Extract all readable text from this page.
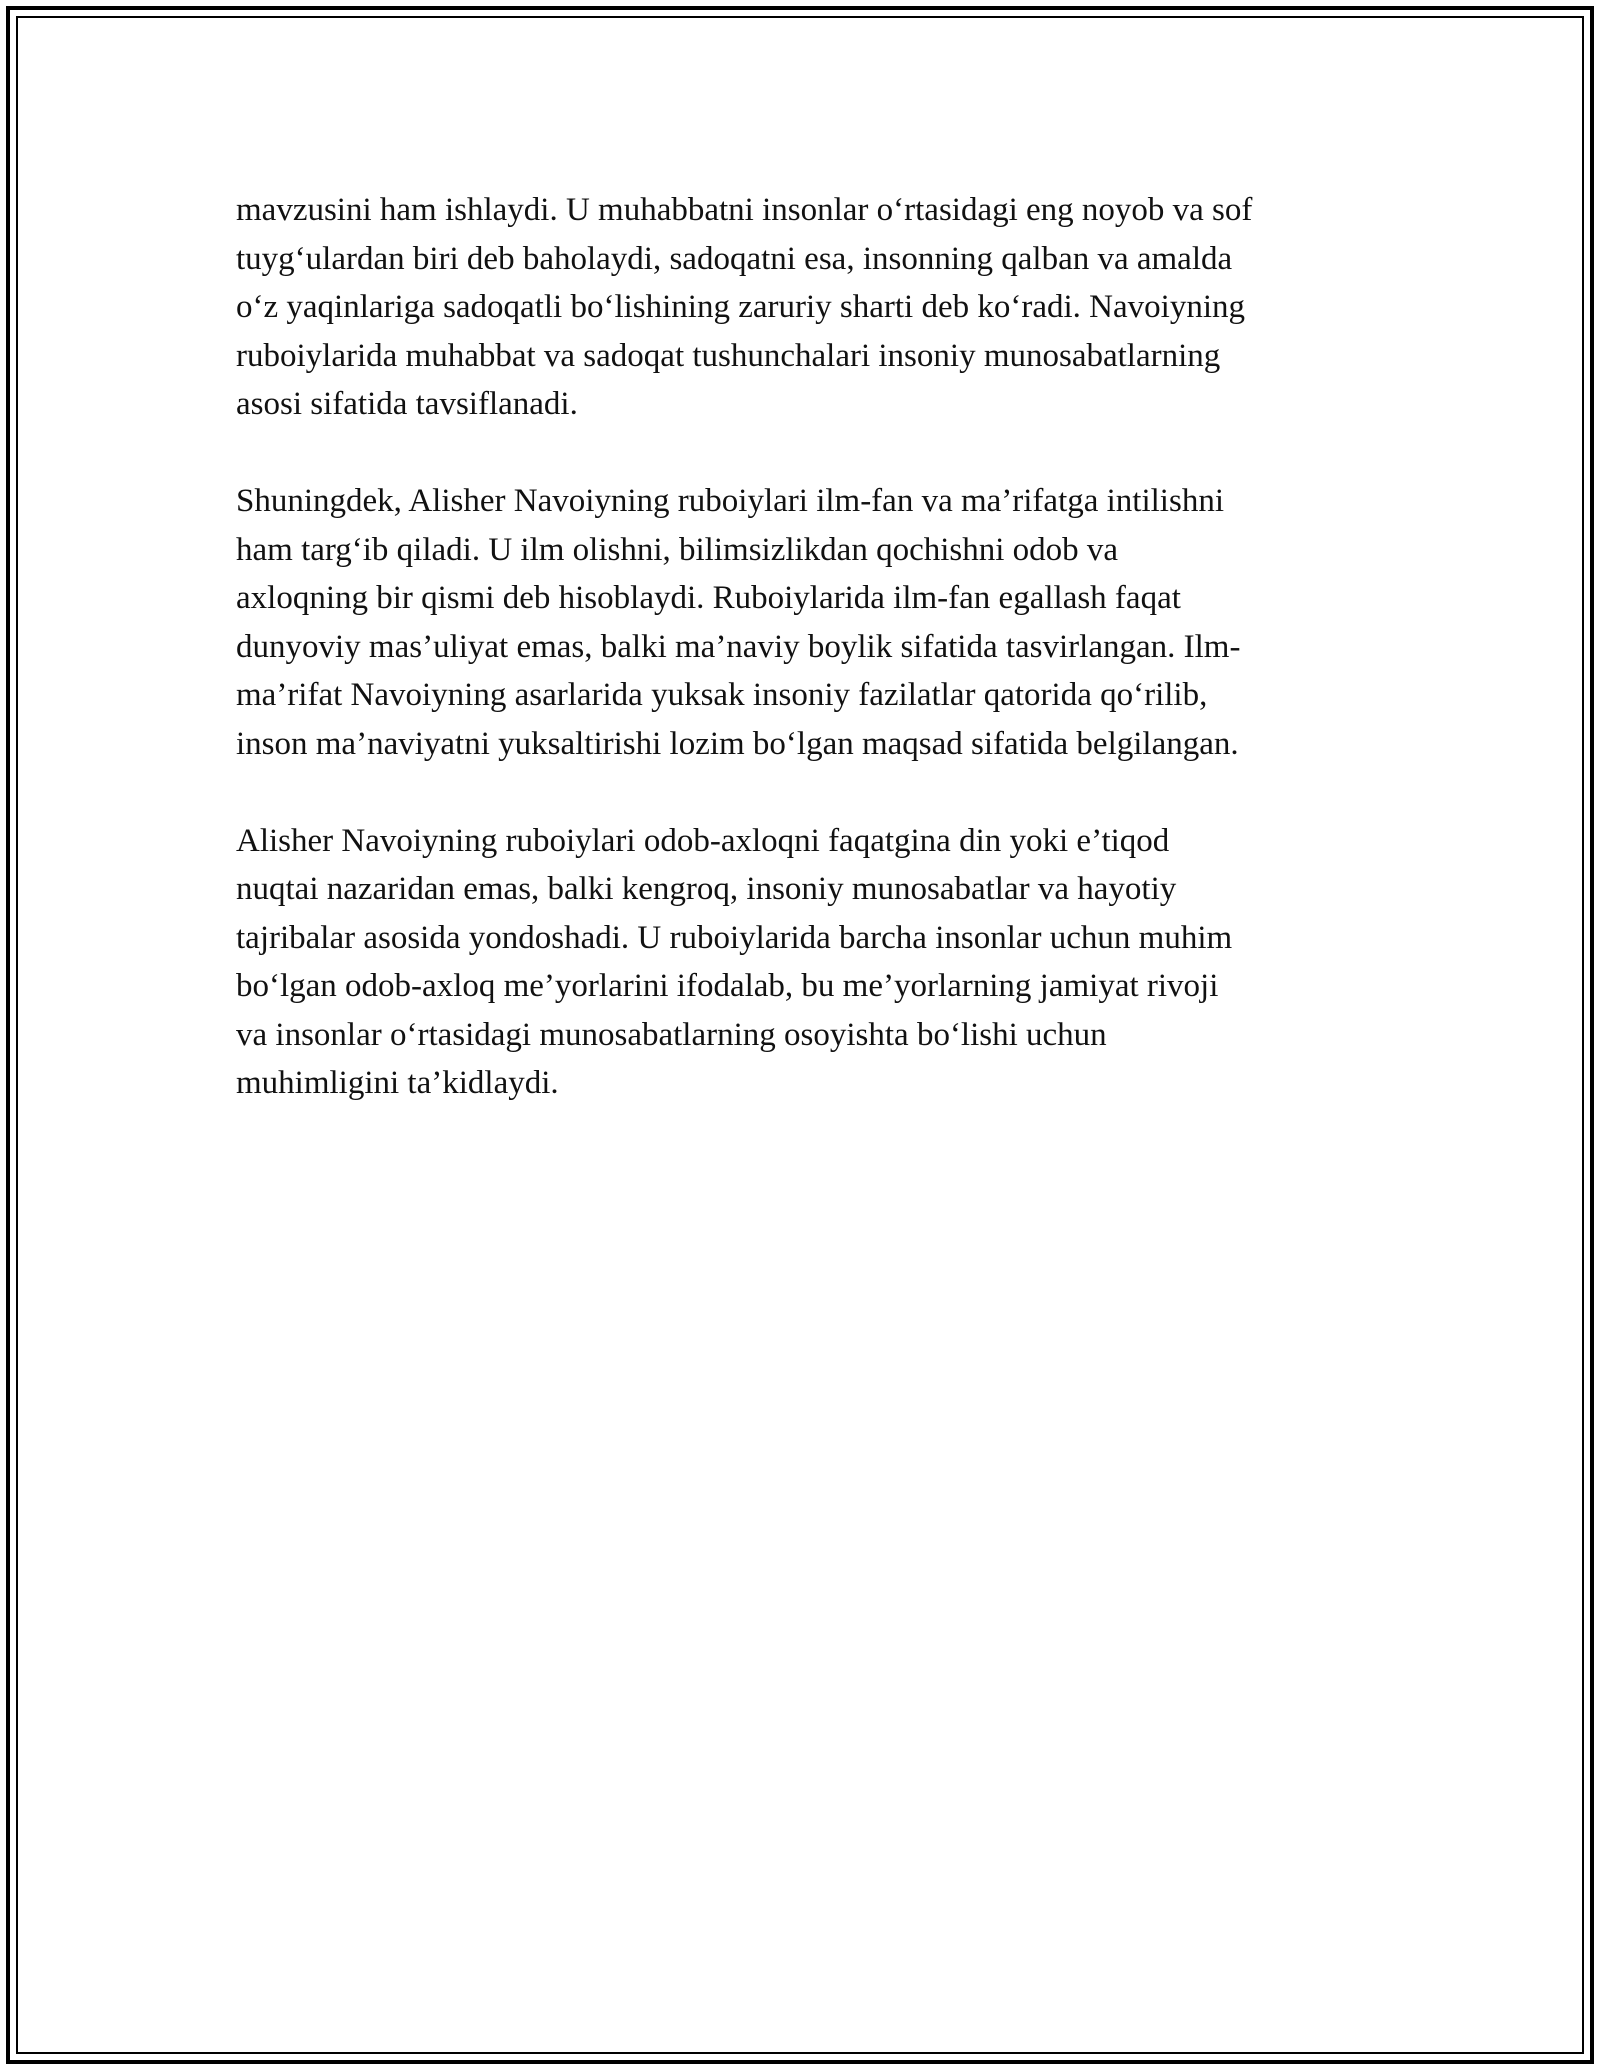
mavzusini ham ishlaydi. U muhabbatni insonlar o‘rtasidagi eng noyob va sof
tuyg‘ulardan biri deb baholaydi, sadoqatni esa, insonning qalban va amalda
o‘z yaqinlariga sadoqatli bo‘lishining zaruriy sharti deb ko‘radi. Navoiyning
ruboiylarida muhabbat va sadoqat tushunchalari insoniy munosabatlarning
asosi sifatida tavsiflanadi.

Shuningdek, Alisher Navoiyning ruboiylari ilm-fan va ma’rifatga intilishni
ham targ‘ib qiladi. U ilm olishni, bilimsizlikdan qochishni odob va
axloqning bir qismi deb hisoblaydi. Ruboiylarida ilm-fan egallash faqat
dunyoviy mas’uliyat emas, balki ma’naviy boylik sifatida tasvirlangan. Ilm-
ma’rifat Navoiyning asarlarida yuksak insoniy fazilatlar qatorida qo‘rilib,
inson ma’naviyatni yuksaltirishi lozim bo‘lgan maqsad sifatida belgilangan.

Alisher Navoiyning ruboiylari odob-axloqni faqatgina din yoki e’tiqod
nuqtai nazaridan emas, balki kengroq, insoniy munosabatlar va hayotiy
tajribalar asosida yondoshadi. U ruboiylarida barcha insonlar uchun muhim
bo‘lgan odob-axloq me’yorlarini ifodalab, bu me’yorlarning jamiyat rivoji
va insonlar o‘rtasidagi munosabatlarning osoyishta bo‘lishi uchun
muhimligini ta’kidlaydi.
